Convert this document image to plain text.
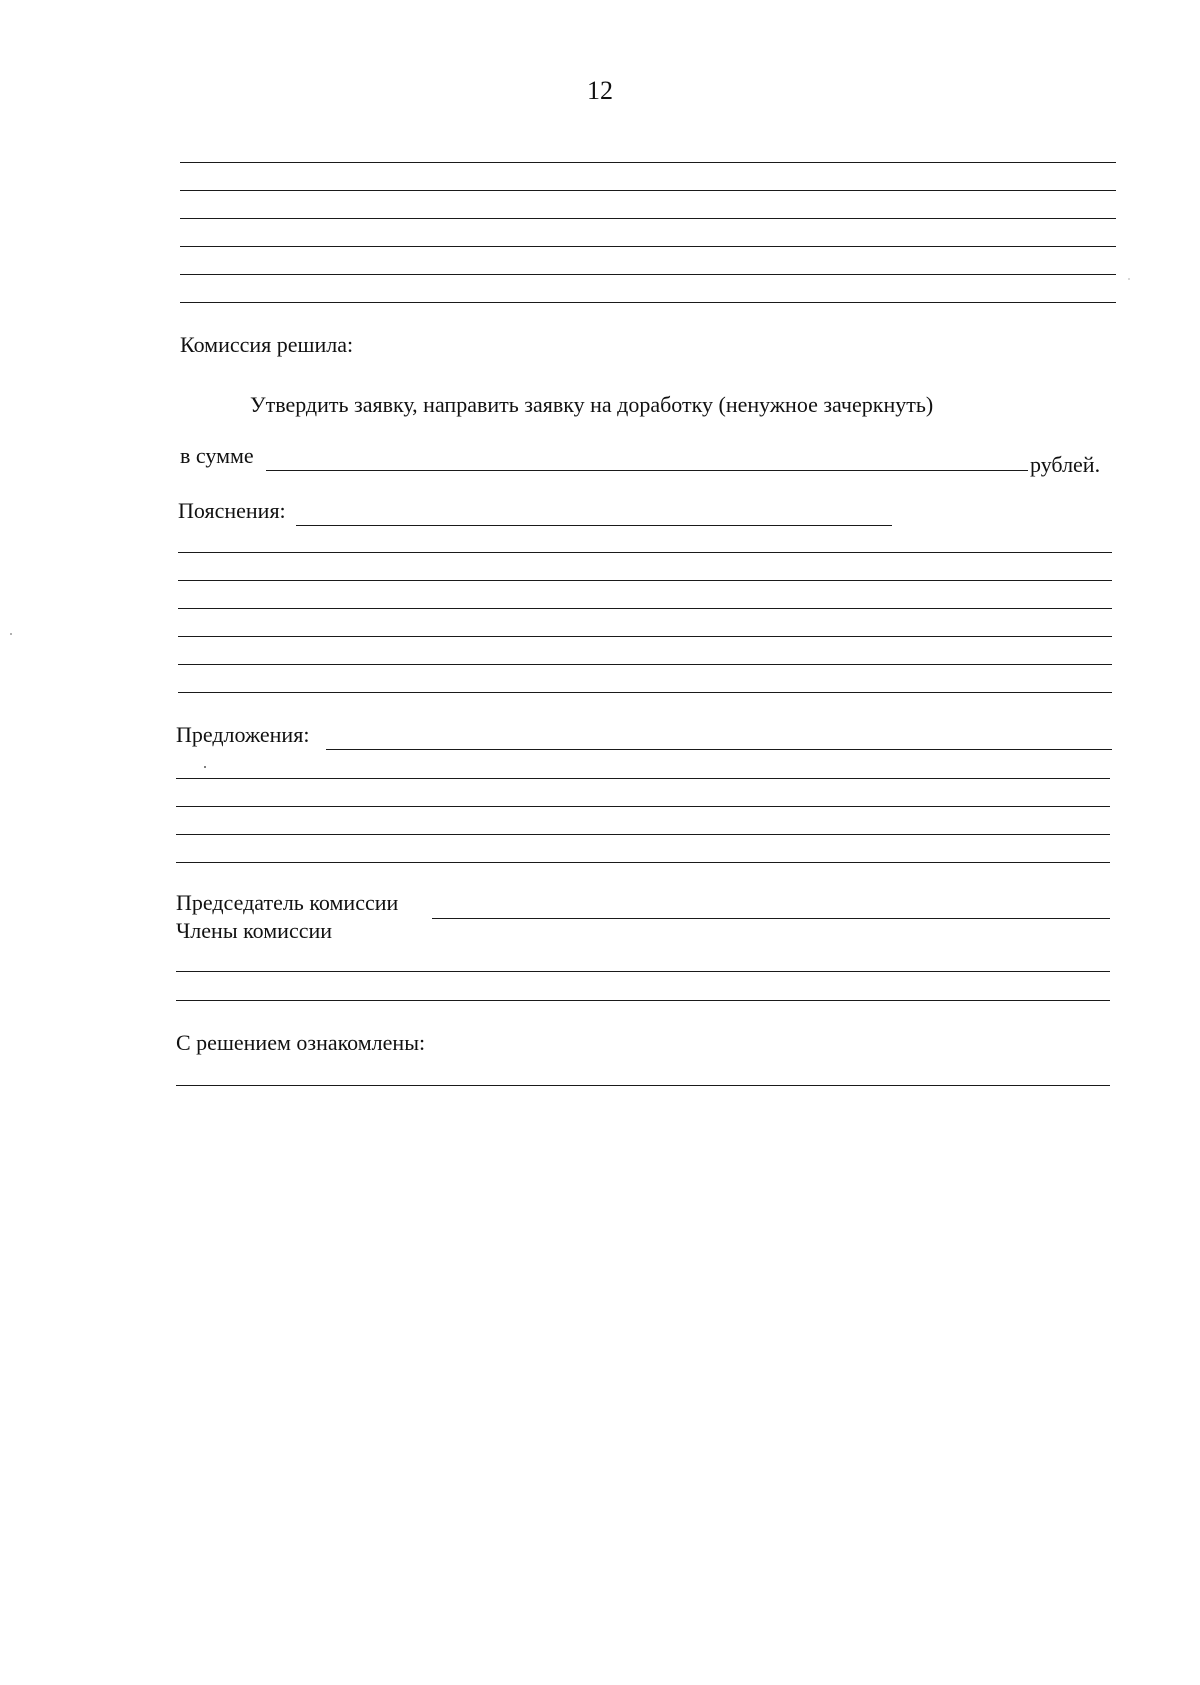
12
Комиссия решила:
Утвердить заявку, направить заявку на доработку (ненужное зачеркнуть)
в сумме	рублей.
Пояснения:
Предложения:
Председатель комиссии
Члены комиссии
С решением ознакомлены:
